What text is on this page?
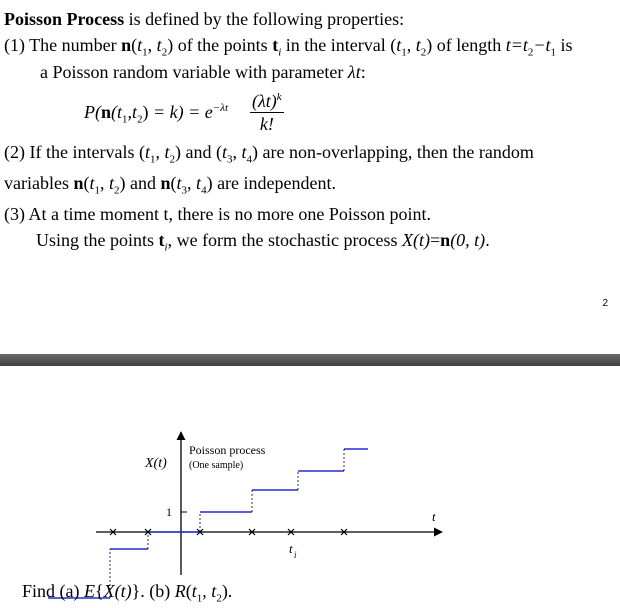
Poisson Process is defined by the following properties:
(1) The number $n(t_1$, $t_2$) of the points $t_i$ in the interval ($t_1$, $t_2$) of length $t=t_2-t_1$ is
a Poisson random variable with parameter λt:
$P(n(t_1,t_2) = k) = e^{-\lambda t}$ $(\lambda t)^k$
k!
(2) If the intervals ($t_1$, $t_2$) and ($t_3$, $t_4$) are non-overlapping, then the random
variables $n(t_1$, $t_2$) and $n(t_3$, $t_4$) are independent.
(3) At a time moment t, there is no more one Poisson point.
Using the points $t_i$, we form the stochastic process X(t)=n(0, t).
2
X(t)
Poisson process
(One sample)
1	t
t i
Find (a) E{X(t)}. (b) $R(t_1$, $t_2$).
